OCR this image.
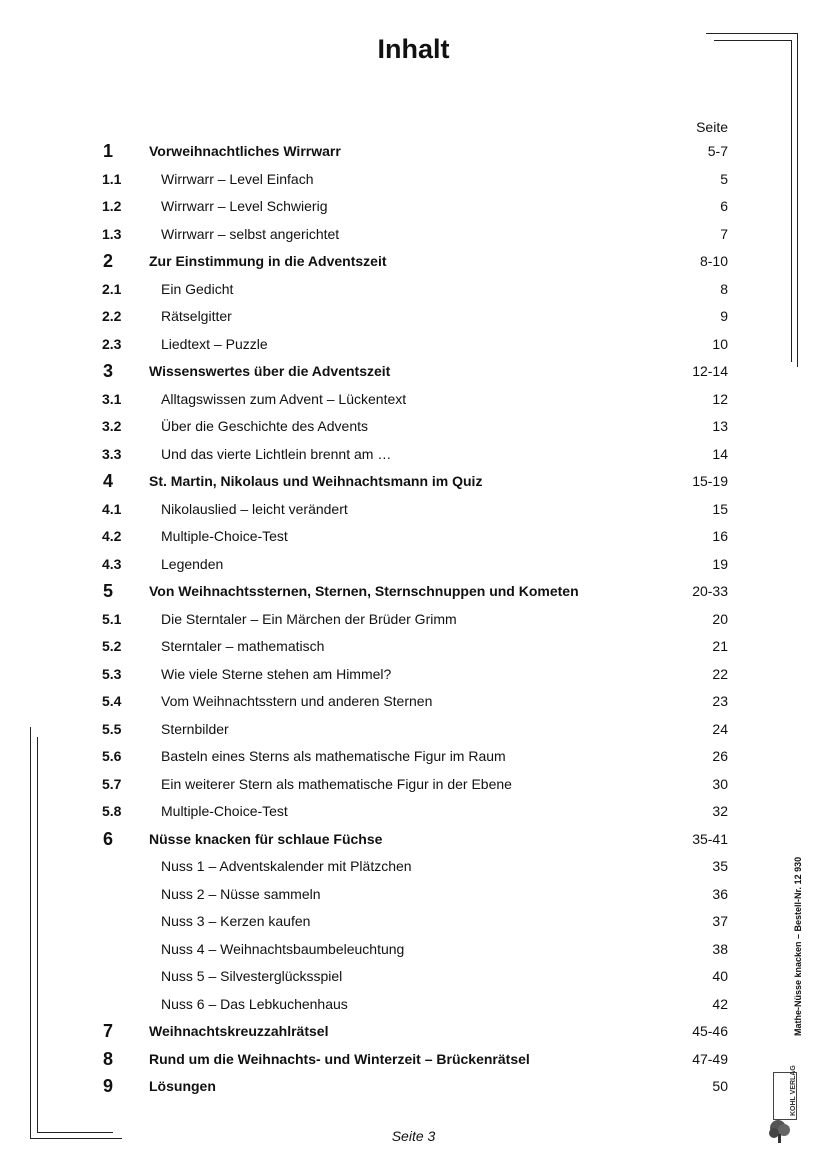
Inhalt
Seite
1	Vorweihnachtliches Wirrwarr	5-7
1.1	Wirrwarr – Level Einfach	5
1.2	Wirrwarr – Level Schwierig	6
1.3	Wirrwarr – selbst angerichtet	7
2	Zur Einstimmung in die Adventszeit	8-10
2.1	Ein Gedicht	8
2.2	Rätselgitter	9
2.3	Liedtext – Puzzle	10
3	Wissenswertes über die Adventszeit	12-14
3.1	Alltagswissen zum Advent – Lückentext	12
3.2	Über die Geschichte des Advents	13
3.3	Und das vierte Lichtlein brennt am …	14
4	St. Martin, Nikolaus und Weihnachtsmann im Quiz	15-19
4.1	Nikolauslied – leicht verändert	15
4.2	Multiple-Choice-Test	16
4.3	Legenden	19
5	Von Weihnachtssternen, Sternen, Sternschnuppen und Kometen	20-33
5.1	Die Sterntaler – Ein Märchen der Brüder Grimm	20
5.2	Sterntaler – mathematisch	21
5.3	Wie viele Sterne stehen am Himmel?	22
5.4	Vom Weihnachtsstern und anderen Sternen	23
5.5	Sternbilder	24
5.6	Basteln eines Sterns als mathematische Figur im Raum	26
5.7	Ein weiterer Stern als mathematische Figur in der Ebene	30
5.8	Multiple-Choice-Test	32
6	Nüsse knacken für schlaue Füchse	35-41
Nuss 1 – Adventskalender mit Plätzchen	35
Nuss 2 – Nüsse sammeln	36
Nuss 3 – Kerzen kaufen	37
Nuss 4 – Weihnachtsbaumbeleuchtung	38
Nuss 5 – Silvesterglücksspiel	40
Nuss 6 – Das Lebkuchenhaus	42
7	Weihnachtskreuzzahlrätsel	45-46
8	Rund um die Weihnachts- und Winterzeit – Brückenrätsel	47-49
9	Lösungen	50
Seite 3
Mathe-Nüsse knacken – Bestell-Nr. 12 930
KOHL VERLAG
